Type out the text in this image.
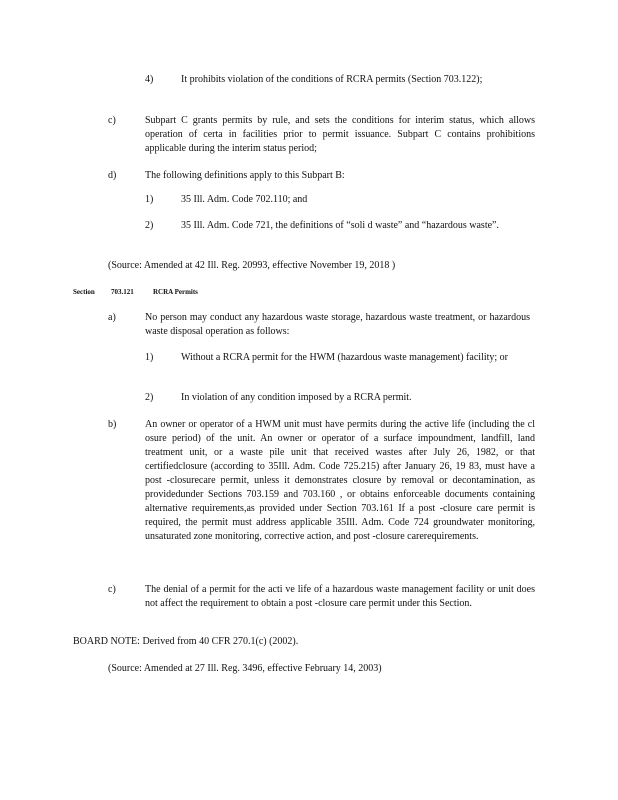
4)	It prohibits violation of the conditions of RCRA permits (Section 703.122);
c)	Subpart C grants permits by rule, and sets the conditions for interim status, which allows operation of certa in facilities prior to permit issuance. Subpart C contains prohibitions applicable during the interim status period;
d)	The following definitions apply to this Subpart B:
1)	35 Ill. Adm. Code 702.110; and
2)	35 Ill. Adm. Code 721, the definitions of “soli d waste” and “hazardous waste”.
(Source: Amended at 42 Ill. Reg. 20993, effective November 19, 2018 )
Section 703.121	RCRA Permits
a)	No person may conduct any hazardous waste storage, hazardous waste treatment, or hazardous waste disposal operation as follows:
1)	Without a RCRA permit for the HWM (hazardous waste management) facility; or
2)	In violation of any condition imposed by a RCRA permit.
b)	An owner or operator of a HWM unit must have permits during the active life (including the cl osure period) of the unit. An owner or operator of a surface impoundment, landfill, land treatment unit, or a waste pile unit that received wastes after July 26, 1982, or that certifiedclosure (according to 35Ill. Adm. Code 725.215) after January 26, 19 83, must have a post -closurecare permit, unless it demonstrates closure by removal or decontamination, as providedunder Sections 703.159 and 703.160 , or obtains enforceable documents containing alternative requirements,as provided under Section 703.161 If a post -closure care permit is required, the permit must address applicable 35Ill. Adm. Code 724 groundwater monitoring, unsaturated zone monitoring, corrective action, and post -closure carerequirements.
c)	The denial of a permit for the acti ve life of a hazardous waste management facility or unit does not affect the requirement to obtain a post -closure care permit under this Section.
BOARD NOTE: Derived from 40 CFR 270.1(c) (2002).
(Source: Amended at 27 Ill. Reg. 3496, effective February 14, 2003)
